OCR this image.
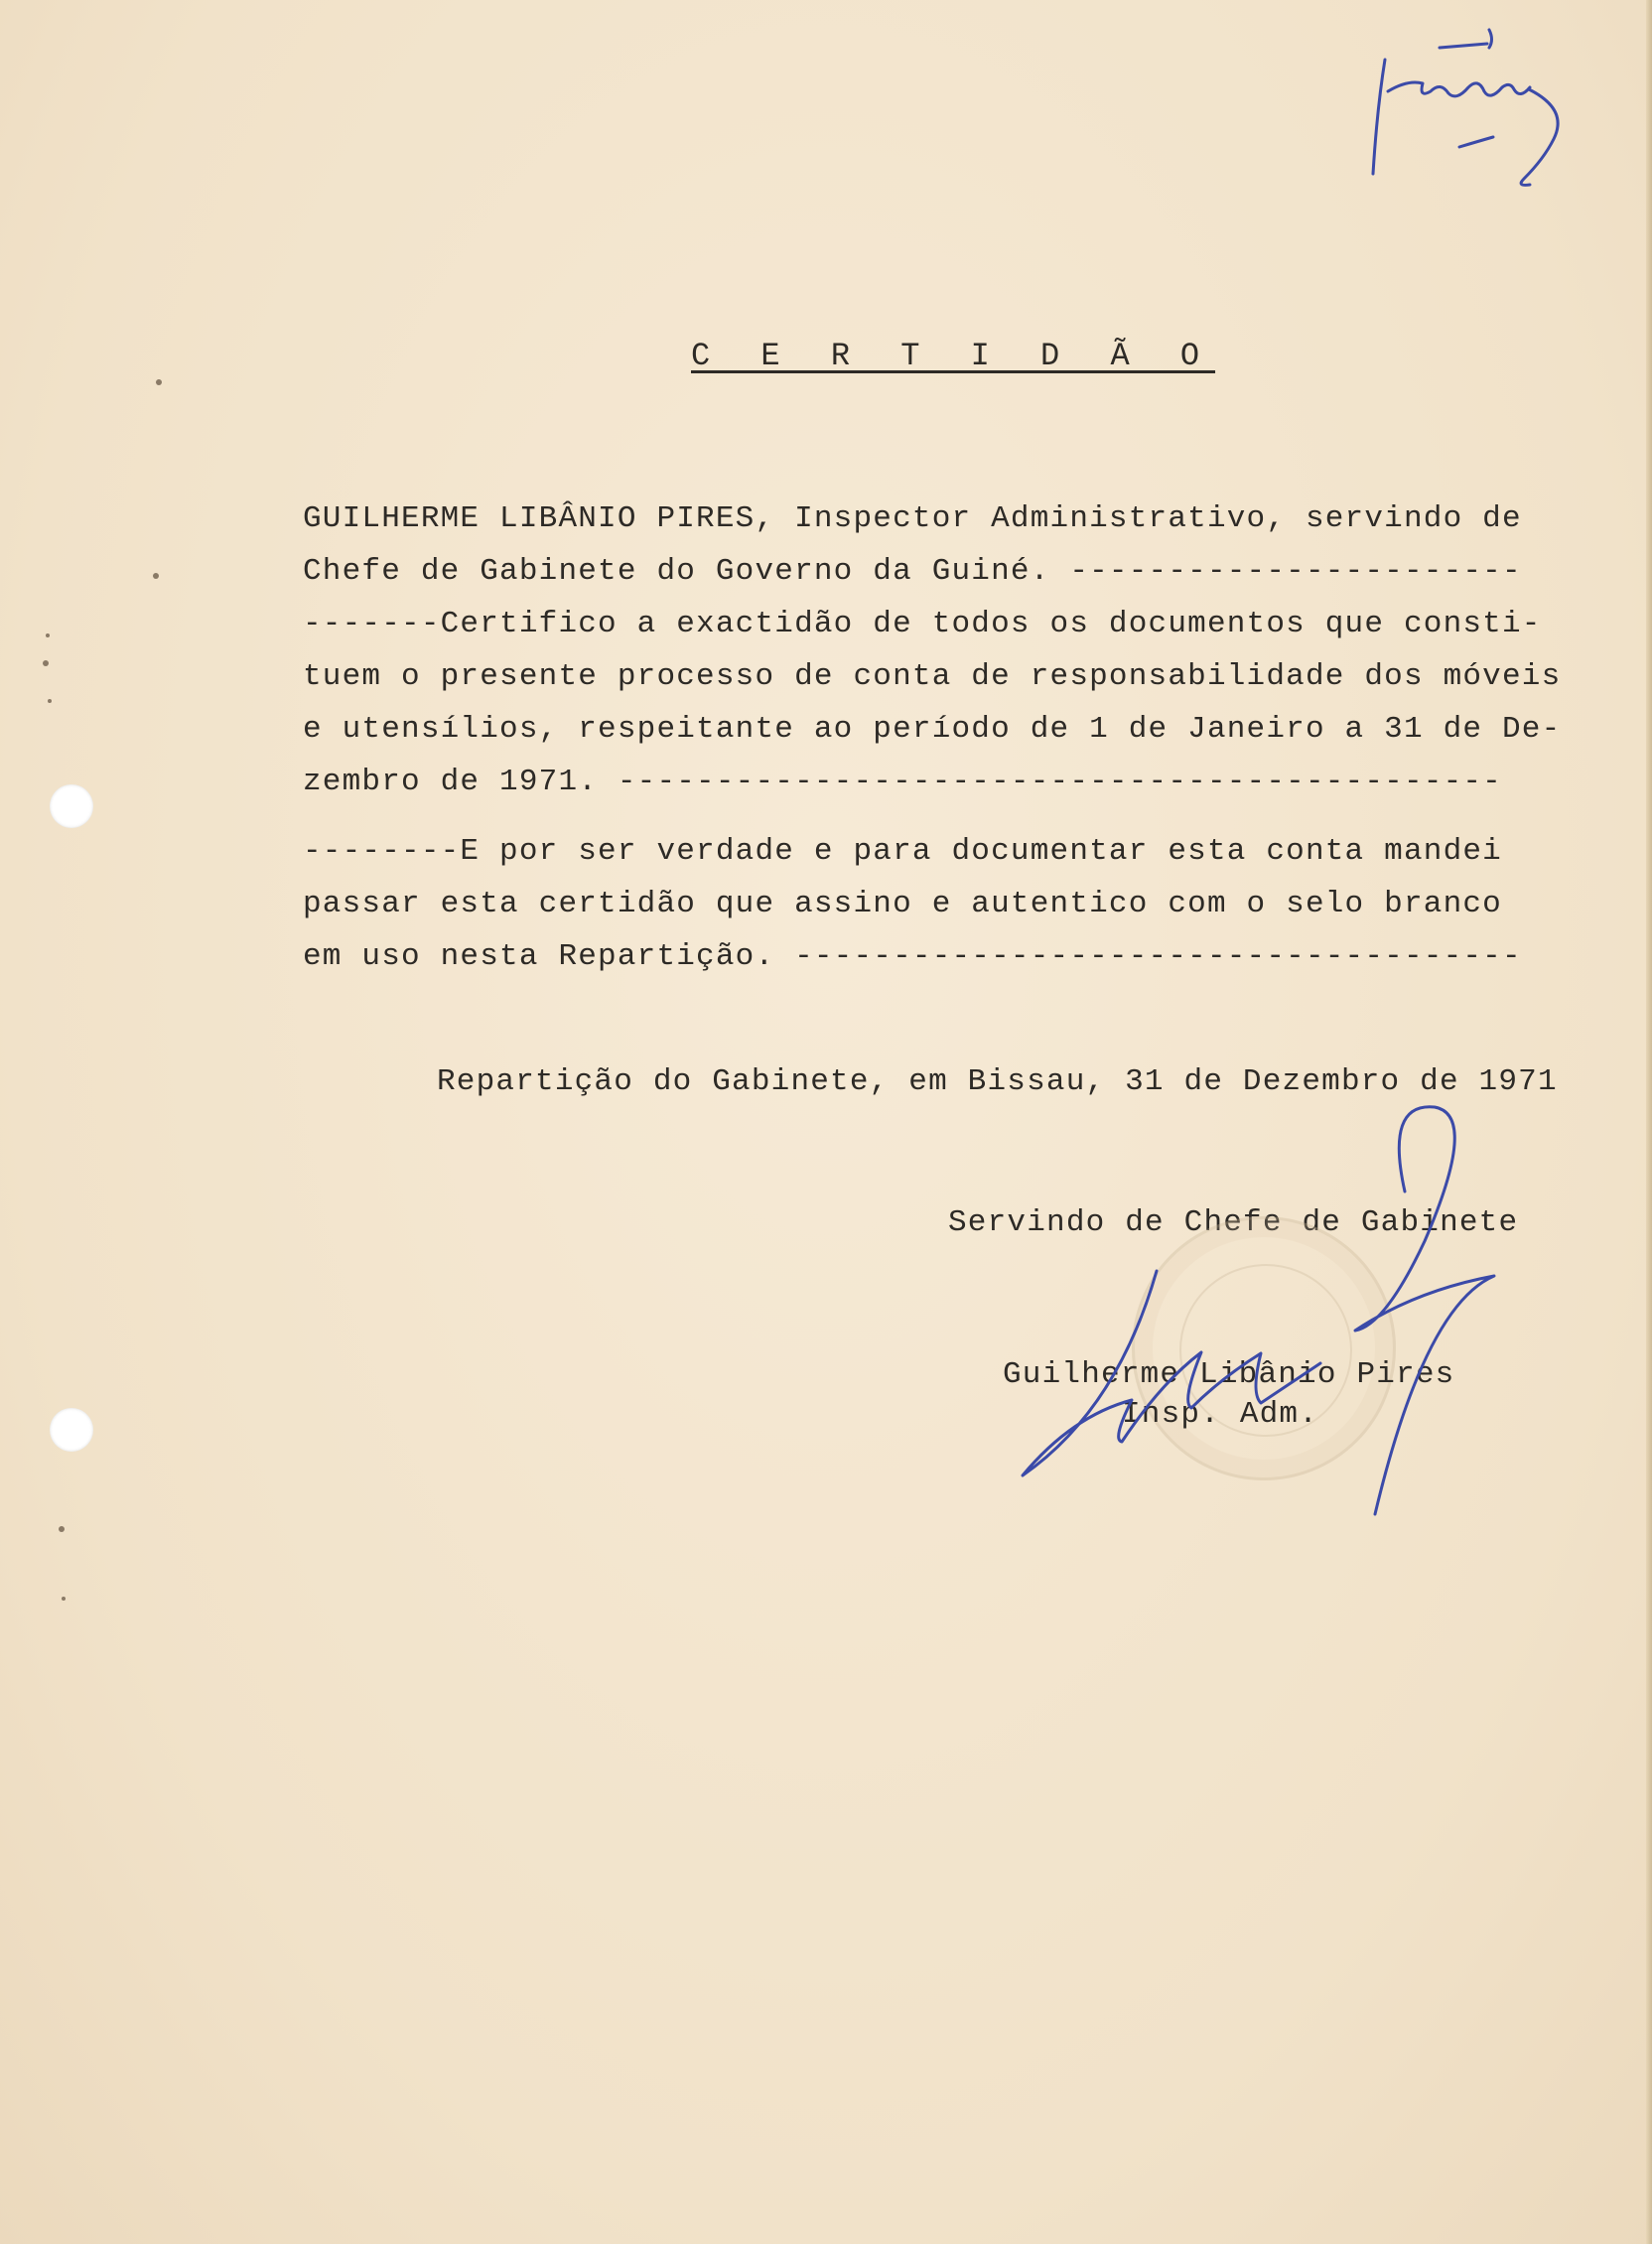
C E R T I D Ã O
GUILHERME LIBÂNIO PIRES, Inspector Administrativo, servindo de
Chefe de Gabinete do Governo da Guiné. -----------------------
-------Certifico a exactidão de todos os documentos que consti-
tuem o presente processo de conta de responsabilidade dos móveis
e utensílios, respeitante ao período de 1 de Janeiro a 31 de De-
zembro de 1971. ---------------------------------------------
--------E por ser verdade e para documentar esta conta mandei
passar esta certidão que assino e autentico com o selo branco
em uso nesta Repartição. -------------------------------------
Repartição do Gabinete, em Bissau, 31 de Dezembro de 1971
Servindo de Chefe de Gabinete
Guilherme Libânio Pires
Insp. Adm.
